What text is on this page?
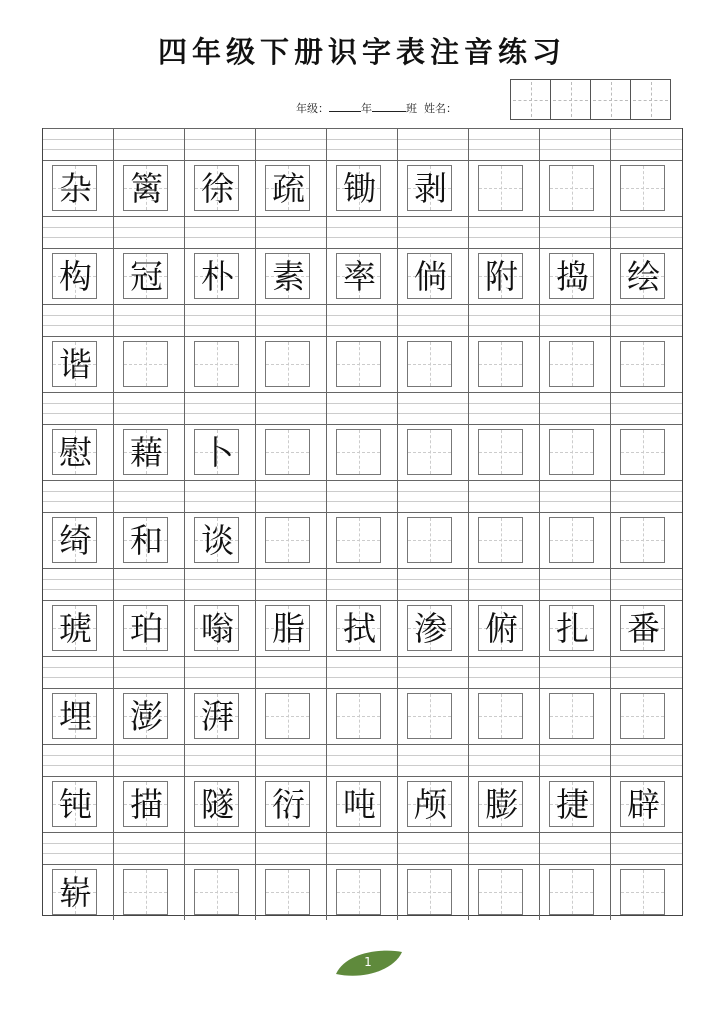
四年级下册识字表注音练习
年级：	年	班 姓名：
杂 篱 徐 疏 锄 剥
构 冠 朴 素 率 倘 附 捣 绘
谐
慰 藉 卜
绮 和 谈
琥 珀 嗡 脂 拭 渗 俯 扎 番
埋 澎 湃
钝 描 隧 衍 吨 颅 膨 捷 辟
崭
1
